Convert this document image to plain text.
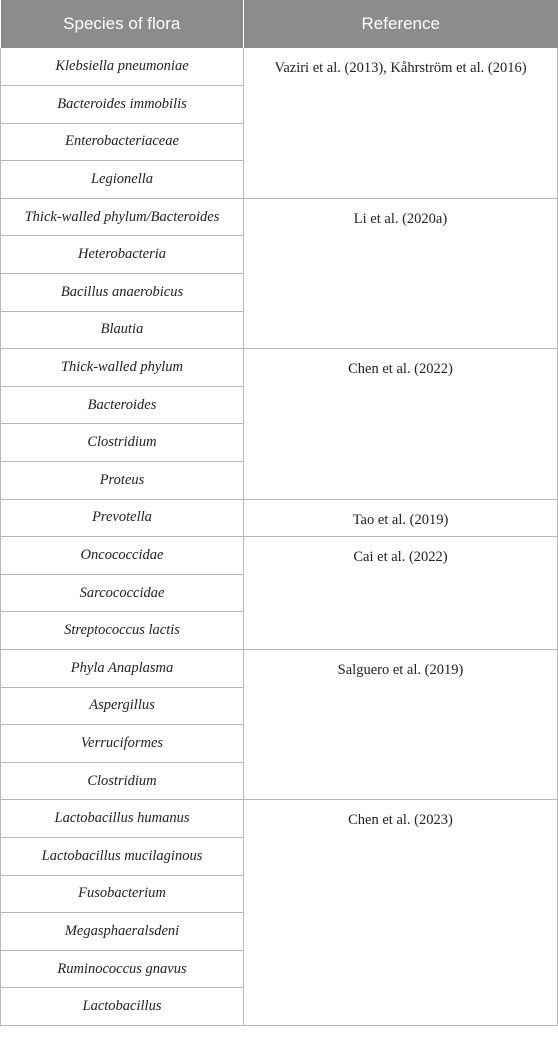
Species of flora	Reference
Klebsiella pneumoniae	Vaziri et al. (2013), Kåhrström et al. (2016)
Bacteroides immobilis	
Enterobacteriaceae	
Legionella	
Thick-walled phylum/Bacteroides	Li et al. (2020a)
Heterobacteria	
Bacillus anaerobicus	
Blautia	
Thick-walled phylum	Chen et al. (2022)
Bacteroides	
Clostridium	
Proteus	
Prevotella	Tao et al. (2019)
Oncococcidae	Cai et al. (2022)
Sarcococcidae	
Streptococcus lactis	
Phyla Anaplasma	Salguero et al. (2019)
Aspergillus	
Verruciformes	
Clostridium	
Lactobacillus humanus	Chen et al. (2023)
Lactobacillus mucilaginous	
Fusobacterium	
Megasphaeralsdeni	
Ruminococcus gnavus	
Lactobacillus	
